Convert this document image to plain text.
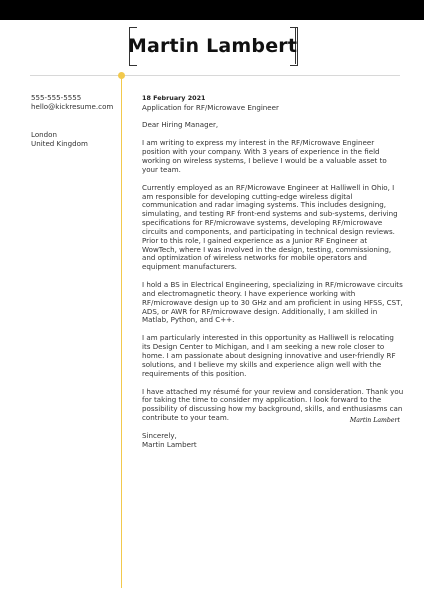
Martin Lambert
555-555-5555
hello@kickresume.com
London
United Kingdom
18 February 2021
Application for RF/Microwave Engineer
Dear Hiring Manager,

I am writing to express my interest in the RF/Microwave Engineer position with your company. With 3 years of experience in the field working on wireless systems, I believe I would be a valuable asset to your team.

Currently employed as an RF/Microwave Engineer at Halliwell in Ohio, I am responsible for developing cutting-edge wireless digital communication and radar imaging systems. This includes designing, simulating, and testing RF front-end systems and sub-systems, deriving specifications for RF/microwave systems, developing RF/microwave circuits and components, and participating in technical design reviews. Prior to this role, I gained experience as a Junior RF Engineer at WowTech, where I was involved in the design, testing, commissioning, and optimization of wireless networks for mobile operators and equipment manufacturers.

I hold a BS in Electrical Engineering, specializing in RF/microwave circuits and electromagnetic theory. I have experience working with RF/microwave design up to 30 GHz and am proficient in using HFSS, CST, ADS, or AWR for RF/microwave design. Additionally, I am skilled in Matlab, Python, and C++.

I am particularly interested in this opportunity as Halliwell is relocating its Design Center to Michigan, and I am seeking a new role closer to home. I am passionate about designing innovative and user-friendly RF solutions, and I believe my skills and experience align well with the requirements of this position.

I have attached my résumé for your review and consideration. Thank you for taking the time to consider my application. I look forward to the possibility of discussing how my background, skills, and enthusiasms can contribute to your team.

Sincerely,
Martin Lambert
Martin Lambert
